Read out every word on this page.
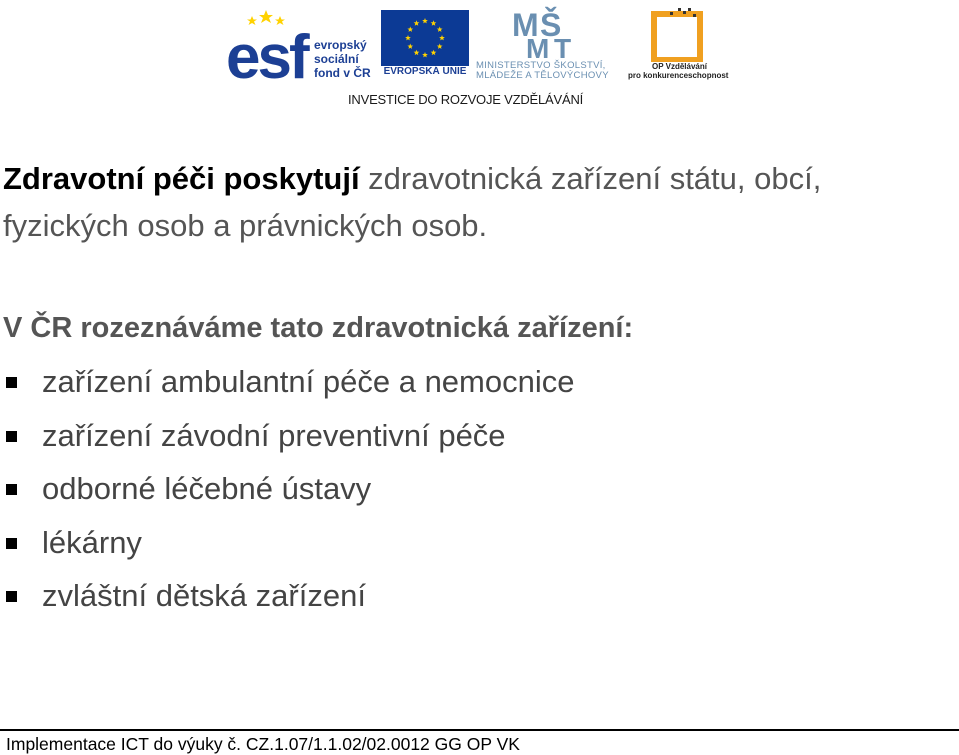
esf evropský
sociální
fond v ČR EVROPSKÁ UNIE
M Š
M T
MINISTERSTVO ŠKOLSTVÍ,
MLÁDEŽE A TĚLOVÝCHOVY
OP Vzdělávání
pro konkurenceschopnost
INVESTICE DO ROZVOJE VZDĚLÁVÁNÍ
Zdravotní péči poskytují zdravotnická zařízení státu, obcí,
fyzických osob a právnických osob.
V ČR rozeznáváme tato zdravotnická zařízení:
zařízení ambulantní péče a nemocnice
zařízení závodní preventivní péče
odborné léčebné ústavy
lékárny
zvláštní dětská zařízení
Implementace ICT do výuky č. CZ.1.07/1.1.02/02.0012 GG OP VK
